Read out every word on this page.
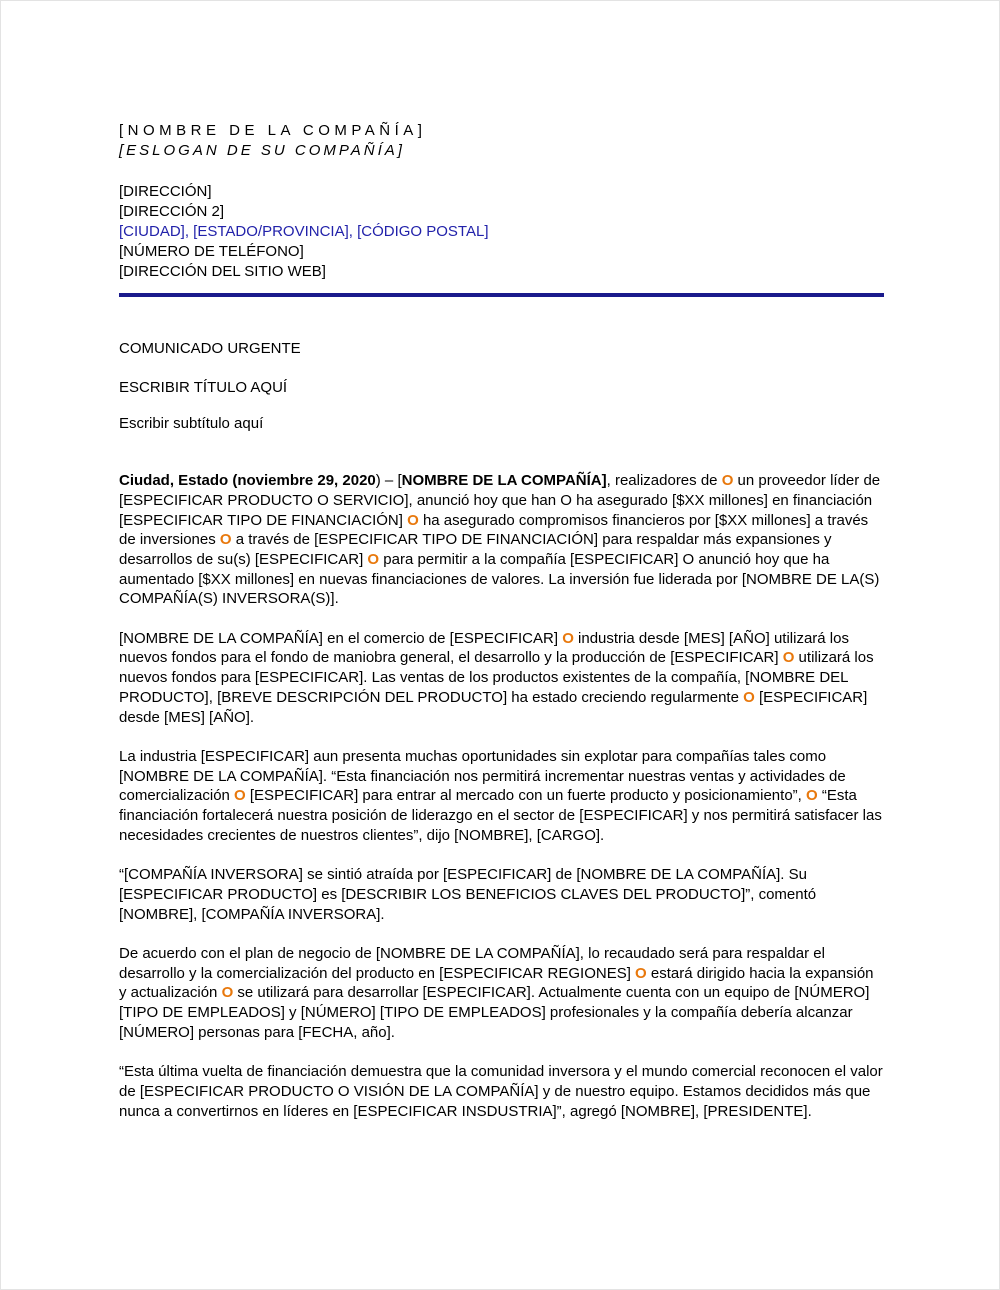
[NOMBRE DE LA COMPAÑÍA]
[ESLOGAN DE SU COMPAÑÍA]
[DIRECCIÓN]
[DIRECCIÓN 2]
[CIUDAD], [ESTADO/PROVINCIA], [CÓDIGO POSTAL]
[NÚMERO DE TELÉFONO]
[DIRECCIÓN DEL SITIO WEB]
COMUNICADO URGENTE
ESCRIBIR TÍTULO AQUÍ
Escribir subtítulo aquí

Ciudad, Estado (noviembre 29, 2020) – [NOMBRE DE LA COMPAÑÍA], realizadores de O un proveedor líder de [ESPECIFICAR PRODUCTO O SERVICIO], anunció hoy que han O ha asegurado [$XX millones] en financiación [ESPECIFICAR TIPO DE FINANCIACIÓN] O ha asegurado compromisos financieros por [$XX millones] a través de inversiones O a través de [ESPECIFICAR TIPO DE FINANCIACIÓN] para respaldar más expansiones y desarrollos de su(s) [ESPECIFICAR] O para permitir a la compañía [ESPECIFICAR] O anunció hoy que ha aumentado [$XX millones] en nuevas financiaciones de valores. La inversión fue liderada por [NOMBRE DE LA(S) COMPAÑÍA(S) INVERSORA(S)].

[NOMBRE DE LA COMPAÑÍA] en el comercio de [ESPECIFICAR] O industria desde [MES] [AÑO] utilizará los nuevos fondos para el fondo de maniobra general, el desarrollo y la producción de [ESPECIFICAR] O utilizará los nuevos fondos para [ESPECIFICAR]. Las ventas de los productos existentes de la compañía, [NOMBRE DEL PRODUCTO], [BREVE DESCRIPCIÓN DEL PRODUCTO] ha estado creciendo regularmente O [ESPECIFICAR] desde [MES] [AÑO].

La industria [ESPECIFICAR] aun presenta muchas oportunidades sin explotar para compañías tales como [NOMBRE DE LA COMPAÑÍA]. “Esta financiación nos permitirá incrementar nuestras ventas y actividades de comercialización O [ESPECIFICAR] para entrar al mercado con un fuerte producto y posicionamiento”, O “Esta financiación fortalecerá nuestra posición de liderazgo en el sector de [ESPECIFICAR] y nos permitirá satisfacer las necesidades crecientes de nuestros clientes”, dijo [NOMBRE], [CARGO].

“[COMPAÑÍA INVERSORA] se sintió atraída por [ESPECIFICAR] de [NOMBRE DE LA COMPAÑÍA]. Su [ESPECIFICAR PRODUCTO] es [DESCRIBIR LOS BENEFICIOS CLAVES DEL PRODUCTO]”, comentó [NOMBRE], [COMPAÑÍA INVERSORA].

De acuerdo con el plan de negocio de [NOMBRE DE LA COMPAÑÍA], lo recaudado será para respaldar el desarrollo y la comercialización del producto en [ESPECIFICAR REGIONES] O estará dirigido hacia la expansión y actualización O se utilizará para desarrollar [ESPECIFICAR]. Actualmente cuenta con un equipo de [NÚMERO] [TIPO DE EMPLEADOS] y [NÚMERO] [TIPO DE EMPLEADOS] profesionales y la compañía debería alcanzar [NÚMERO] personas para [FECHA, año].

“Esta última vuelta de financiación demuestra que la comunidad inversora y el mundo comercial reconocen el valor de [ESPECIFICAR PRODUCTO O VISIÓN DE LA COMPAÑÍA] y de nuestro equipo. Estamos decididos más que nunca a convertirnos en líderes en [ESPECIFICAR INSDUSTRIA]”, agregó [NOMBRE], [PRESIDENTE].
